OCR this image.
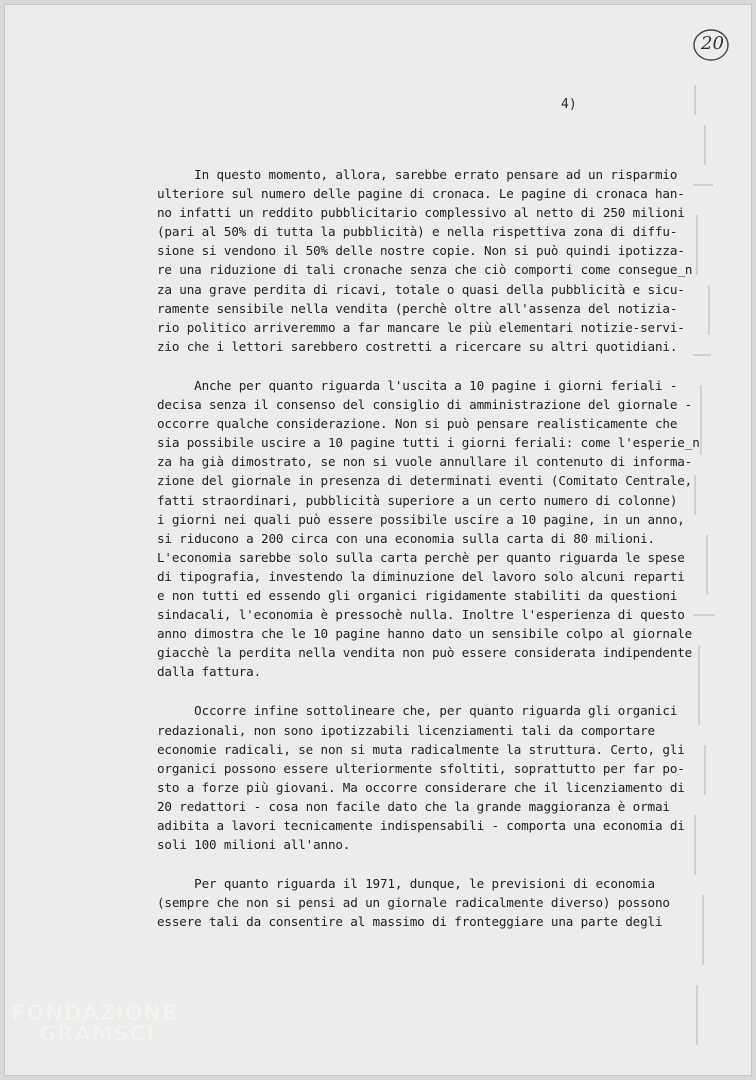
20
4)
In questo momento, allora, sarebbe errato pensare ad un risparmio
ulteriore sul numero delle pagine di cronaca. Le pagine di cronaca han-
no infatti un reddito pubblicitario complessivo al netto di 250 milioni
(pari al 50% di tutta la pubblicità) e nella rispettiva zona di diffu-
sione si vendono il 50% delle nostre copie. Non si può quindi ipotizza-
re una riduzione di tali cronache senza che ciò comporti come consegue̲n
za una grave perdita di ricavi, totale o quasi della pubblicità e sicu-
ramente sensibile nella vendita (perchè oltre all'assenza del notizia-
rio politico arriveremmo a far mancare le più elementari notizie-servi-
zio che i lettori sarebbero costretti a ricercare su altri quotidiani.
Anche per quanto riguarda l'uscita a 10 pagine i giorni feriali -
decisa senza il consenso del consiglio di amministrazione del giornale -
occorre qualche considerazione. Non si può pensare realisticamente che
sia possibile uscire a 10 pagine tutti i giorni feriali: come l'esperie̲n
za ha già dimostrato, se non si vuole annullare il contenuto di informa-
zione del giornale in presenza di determinati eventi (Comitato Centrale,
fatti straordinari, pubblicità superiore a un certo numero di colonne)
i giorni nei quali può essere possibile uscire a 10 pagine, in un anno,
si riducono a 200 circa con una economia sulla carta di 80 milioni.
L'economia sarebbe solo sulla carta perchè per quanto riguarda le spese
di tipografia, investendo la diminuzione del lavoro solo alcuni reparti
e non tutti ed essendo gli organici rigidamente stabiliti da questioni
sindacali, l'economia è pressochè nulla. Inoltre l'esperienza di questo
anno dimostra che le 10 pagine hanno dato un sensibile colpo al giornale
giacchè la perdita nella vendita non può essere considerata indipendente
dalla fattura.
Occorre infine sottolineare che, per quanto riguarda gli organici
redazionali, non sono ipotizzabili licenziamenti tali da comportare
economie radicali, se non si muta radicalmente la struttura. Certo, gli
organici possono essere ulteriormente sfoltiti, soprattutto per far po-
sto a forze più giovani. Ma occorre considerare che il licenziamento di
20 redattori - cosa non facile dato che la grande maggioranza è ormai
adibita a lavori tecnicamente indispensabili - comporta una economia di
soli 100 milioni all'anno.
Per quanto riguarda il 1971, dunque, le previsioni di economia
(sempre che non si pensi ad un giornale radicalmente diverso) possono
essere tali da consentire al massimo di fronteggiare una parte degli
FONDAZIONE
GRAMSCI
